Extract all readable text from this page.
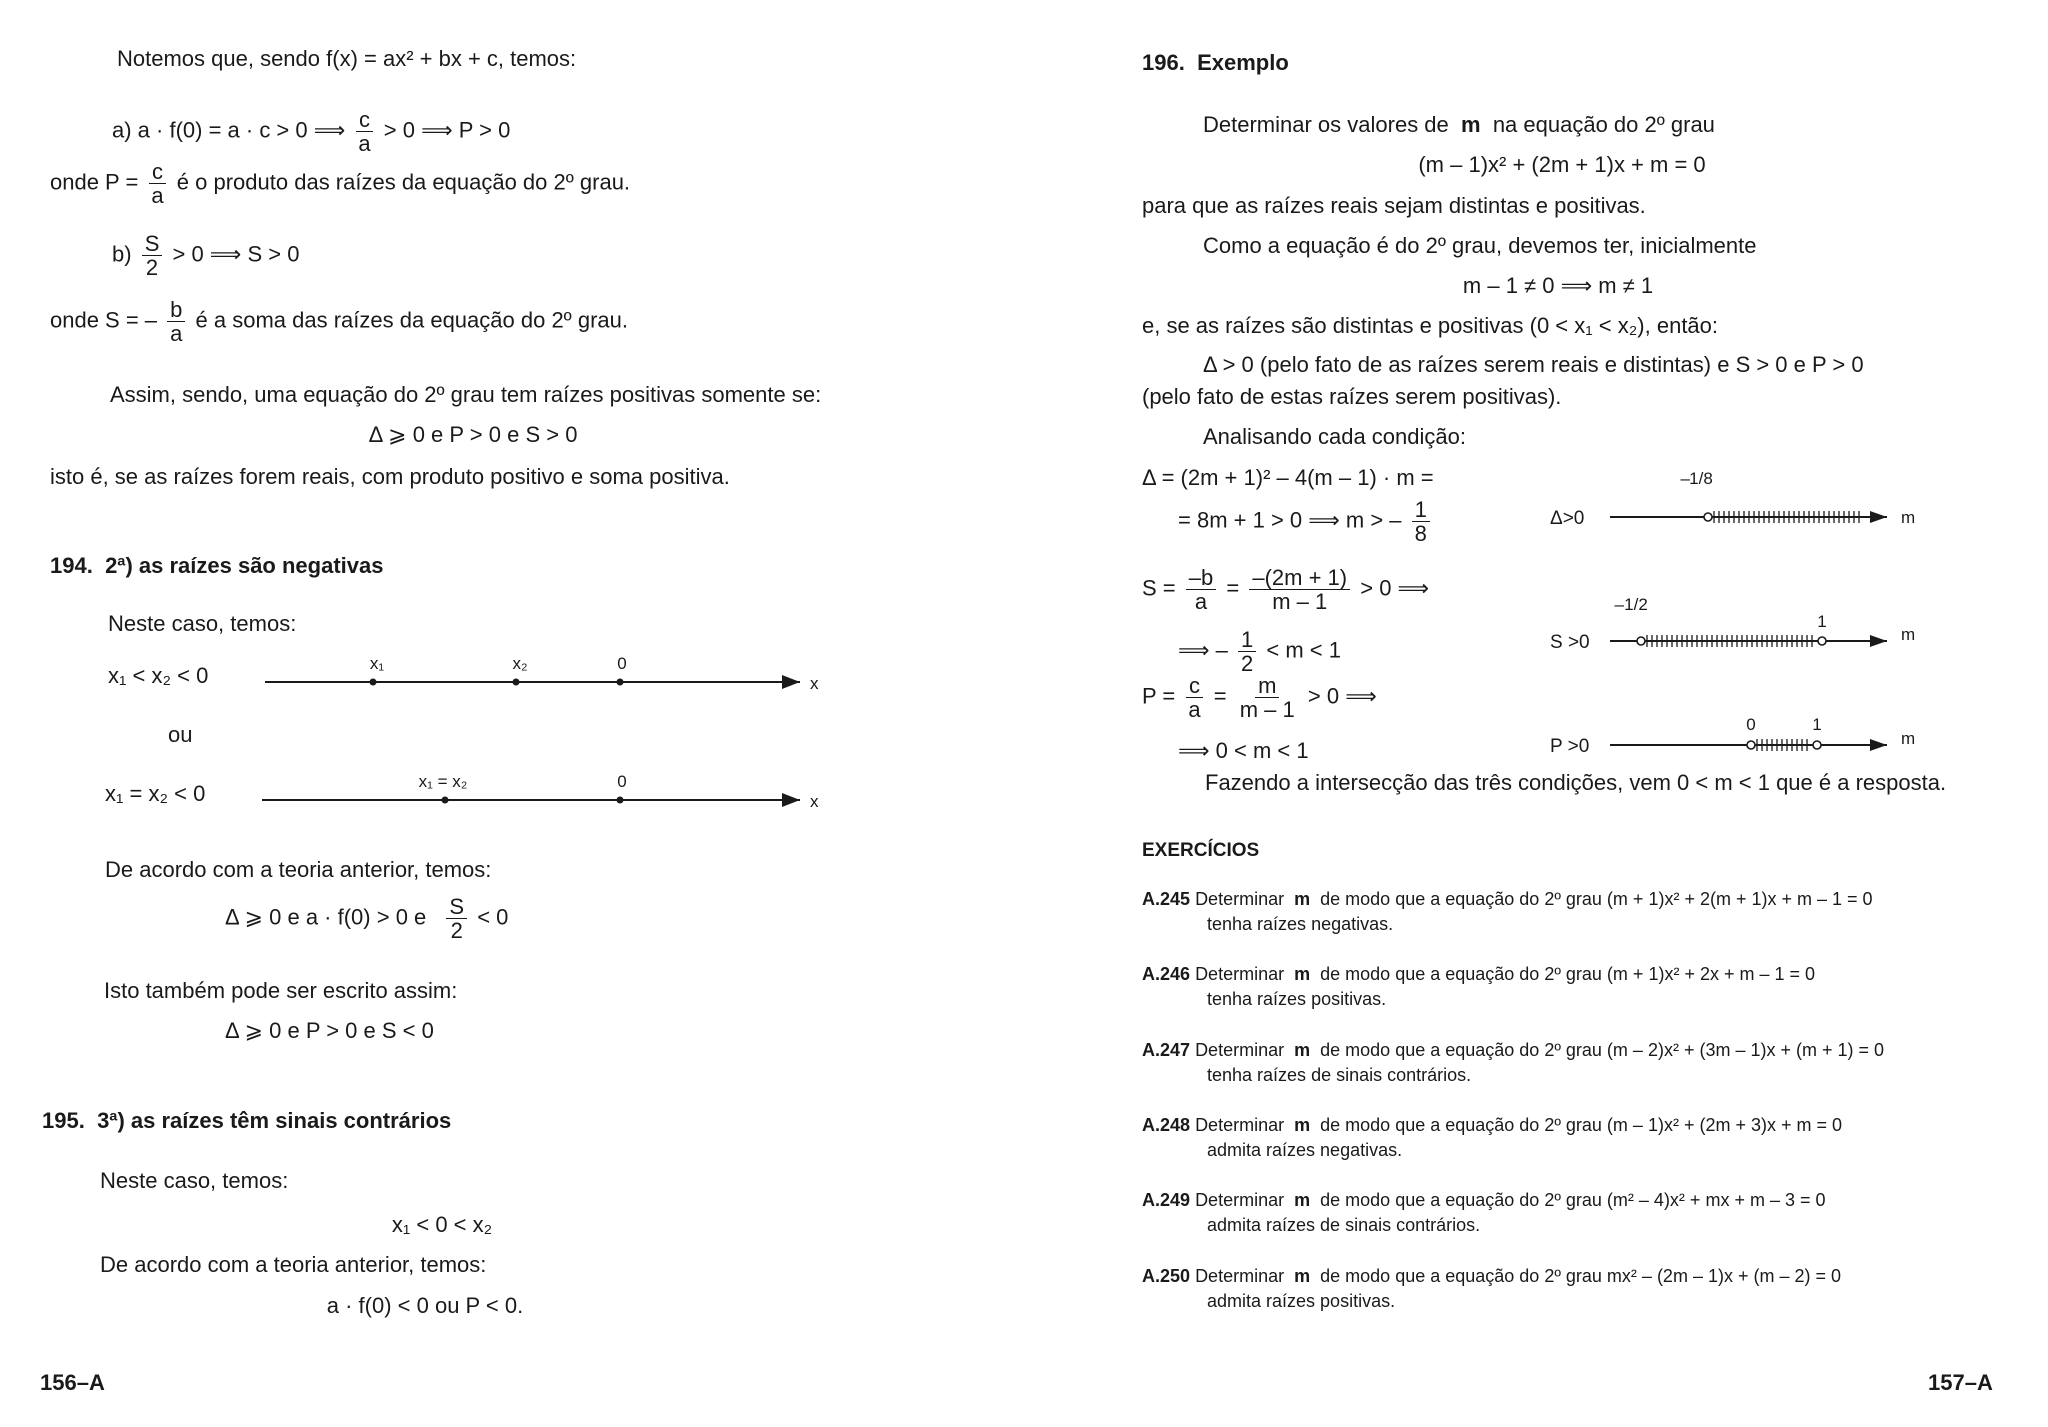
Notemos que, sendo f(x) = ax² + bx + c, temos:
a) a · f(0) = a · c > 0 ⟹ $\frac{c}{a} > 0$ ⟹ P > 0
onde $P = \frac{c}{a}$ é o produto das raízes da equação do 2º grau.
$b) \frac{S}{2} > 0$ ⟹ S > 0
onde S = – $\frac{b}{a}$ é a soma das raízes da equação do 2º grau.
Assim, sendo, uma equação do 2º grau tem raízes positivas somente se:
Δ ⩾ 0 e P > 0 e S > 0
isto é, se as raízes forem reais, com produto positivo e soma positiva.
194. 2ª) as raízes são negativas
Neste caso, temos:
x₁ < x₂ < 0	x₁	x₂	0
x
x₁ = x₂	0
x
ou
x₁ = x₂ < 0
De acordo com a teoria anterior, temos:
Δ ⩾ 0 e a · f(0) > 0 e $\frac{S}{2} < 0$
Isto também pode ser escrito assim:
Δ ⩾ 0 e P > 0 e S < 0
195. 3ª) as raízes têm sinais contrários
Neste caso, temos:
x₁ < 0 < x₂
De acordo com a teoria anterior, temos:
a · f(0) < 0 ou P < 0.
156–A
196. Exemplo
Determinar os valores de m na equação do 2º grau
(m – 1)x² + (2m + 1)x + m = 0
para que as raízes reais sejam distintas e positivas.
Como a equação é do 2º grau, devemos ter, inicialmente
m – 1 ≠ 0 ⟹ m ≠ 1
e, se as raízes são distintas e positivas (0 < x₁ < x₂), então:
Δ > 0 (pelo fato de as raízes serem reais e distintas) e S > 0 e P > 0
(pelo fato de estas raízes serem positivas).
Analisando cada condição:
Δ = (2m + 1)² – 4(m – 1) · m =
= 8m + 1 > 0 ⟹ m > – $\frac{1}{8}$
$S = \frac{-b}{a} = \frac{-(2m + 1)}{m - 1} > 0$ ⟹
⟹ – $\frac{1}{2} < m < 1$
$P = \frac{c}{a} = \frac{m}{m - 1} > 0$ ⟹
⟹ 0 < m < 1
Δ>0
– 1/8
m
S >0
– 1/2
1
m
P >0
0	1
m
Fazendo a intersecção das três condições, vem 0 < m < 1 que é a resposta.
EXERCÍCIOS
A.245 Determinar m de modo que a equação do 2º grau (m + 1)x² + 2(m + 1)x + m – 1 = 0
tenha raízes negativas.
A.246 Determinar m de modo que a equação do 2º grau (m + 1)x² + 2x + m – 1 = 0
tenha raízes positivas.
A.247 Determinar m de modo que a equação do 2º grau (m – 2)x² + (3m – 1)x + (m + 1) = 0
tenha raízes de sinais contrários.
A.248 Determinar m de modo que a equação do 2º grau (m – 1)x² + (2m + 3)x + m = 0
admita raízes negativas.
A.249 Determinar m de modo que a equação do 2º grau (m² – 4)x² + mx + m – 3 = 0
admita raízes de sinais contrários.
A.250 Determinar m de modo que a equação do 2º grau mx² – (2m – 1)x + (m – 2) = 0
admita raízes positivas.
157–A
